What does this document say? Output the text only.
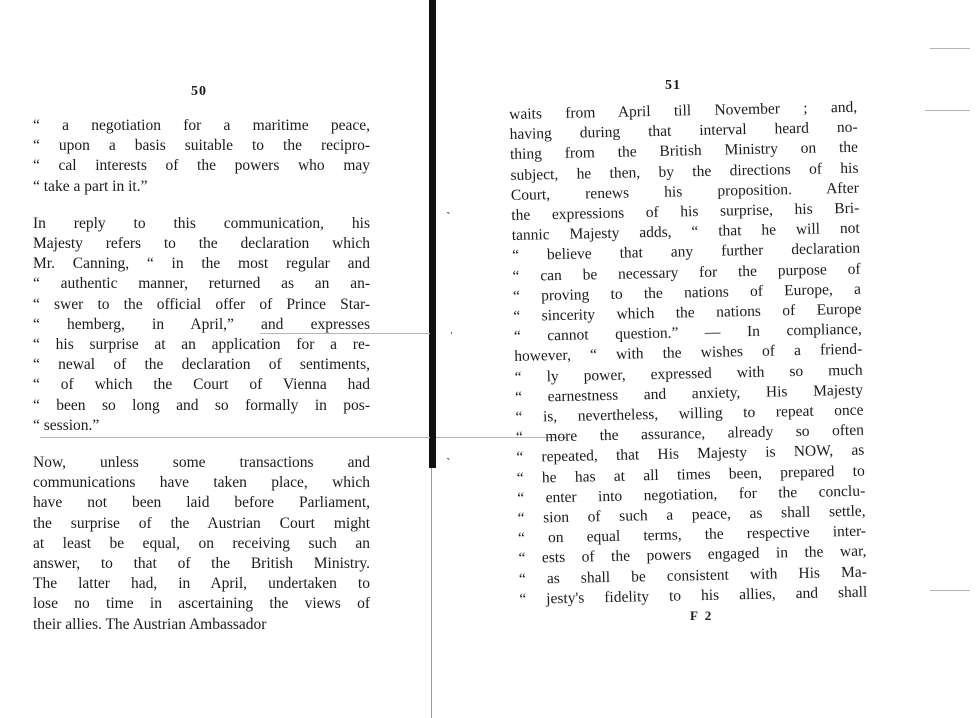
ˎ
ˌ
ˎ
50
“ a negotiation for a maritime peace,
“ upon a basis suitable to the recipro-
“ cal interests of the powers who may
“ take a part in it.”
In reply to this communication, his
Majesty refers to the declaration which
Mr. Canning, “ in the most regular and
“ authentic manner, returned as an an-
“ swer to the official offer of Prince Star-
“ hemberg, in April,” and expresses
“ his surprise at an application for a re-
“ newal of the declaration of sentiments,
“ of which the Court of Vienna had
“ been so long and so formally in pos-
“ session.”
Now, unless some transactions and
communications have taken place, which
have not been laid before Parliament,
the surprise of the Austrian Court might
at least be equal, on receiving such an
answer, to that of the British Ministry.
The latter had, in April, undertaken to
lose no time in ascertaining the views of
their allies. The Austrian Ambassador
51
waits from April till November ; and,
having during that interval heard no-
thing from the British Ministry on the
subject, he then, by the directions of his
Court, renews his proposition. After
the expressions of his surprise, his Bri-
tannic Majesty adds, “ that he will not
“ believe that any further declaration
“ can be necessary for the purpose of
“ proving to the nations of Europe, a
“ sincerity which the nations of Europe
“ cannot question.” — In compliance,
however, “ with the wishes of a friend-
“ ly power, expressed with so much
“ earnestness and anxiety, His Majesty
“ is, nevertheless, willing to repeat once
“ more the assurance, already so often
“ repeated, that His Majesty is NOW, as
“ he has at all times been, prepared to
“ enter into negotiation, for the conclu-
“ sion of such a peace, as shall settle,
“ on equal terms, the respective inter-
“ ests of the powers engaged in the war,
“ as shall be consistent with His Ma-
“ jesty's fidelity to his allies, and shall
F 2
